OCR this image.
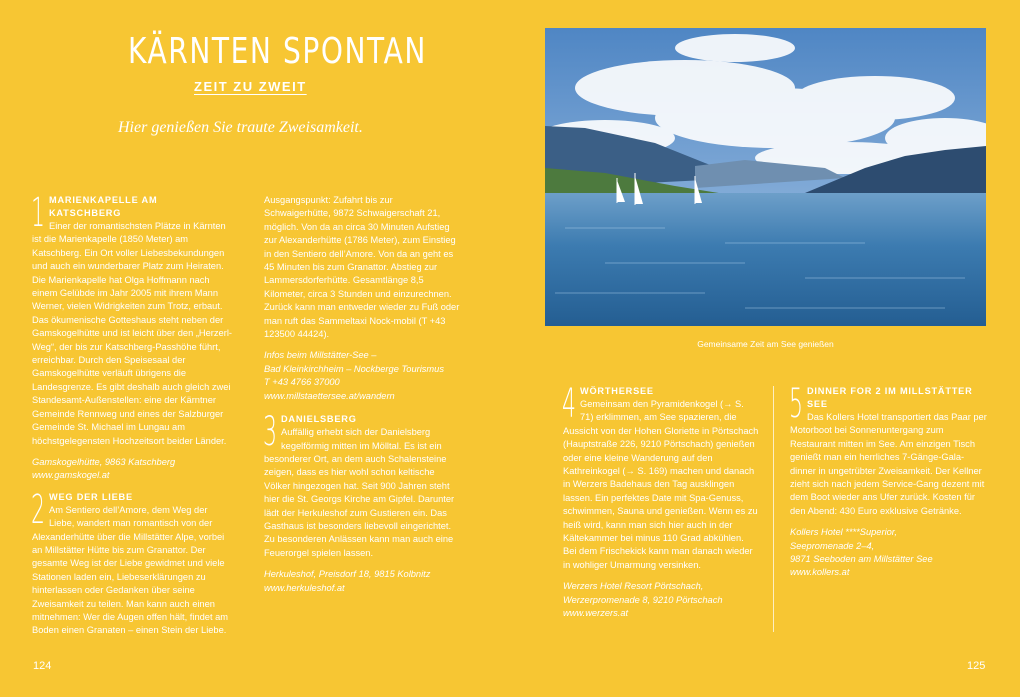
KÄRNTEN SPONTAN
ZEIT ZU ZWEIT
Hier genießen Sie traute Zweisamkeit.
1 MARIENKAPELLE AM KATSCHBERG

Einer der romantischsten Plätze in Kärnten ist die Marienkapelle (1850 Meter) am Katschberg. Ein Ort voller Liebesbekundungen und auch ein wunderbarer Platz zum Heiraten. Die Marienkapelle hat Olga Hoffmann nach einem Gelübde im Jahr 2005 mit ihrem Mann Werner, vielen Widrigkeiten zum Trotz, erbaut. Das ökumenische Gotteshaus steht neben der Gamskogelhütte und ist leicht über den „Herzerl-Weg“, der bis zur Katschberg-Passhöhe führt, erreichbar. Durch den Speisesaal der Gamskogelhütte verläuft übrigens die Landesgrenze. Es gibt deshalb auch gleich zwei Standesamt-Außenstellen: eine der Kärntner Gemeinde Rennweg und eines der Salzburger Gemeinde St. Michael im Lungau am höchstgelegensten Hochzeitsort beider Länder.

Gamskogelhütte, 9863 Katschberg
www.gamskogel.at

2 WEG DER LIEBE

Am Sentiero dell’Amore, dem Weg der Liebe, wandert man romantisch von der Alexanderhütte über die Millstätter Alpe, vorbei an Millstätter Hütte bis zum Granattor. Der gesamte Weg ist der Liebe gewidmet und viele Stationen laden ein, Liebeserklärungen zu hinterlassen oder Gedanken über seine Zweisamkeit zu teilen. Man kann auch einen mitnehmen: Wer die Augen offen hält, findet am Boden einen Granaten – einen Stein der Liebe.

Ausgangspunkt: Zufahrt bis zur Schwaigerhütte, 9872 Schwaigerschaft 21, möglich. Von da an circa 30 Minuten Aufstieg zur Alexanderhütte (1786 Meter), zum Einstieg in den Sentiero dell’Amore. Von da an geht es 45 Minuten bis zum Granattor. Abstieg zur Lammersdorferhütte. Gesamtlänge 8,5 Kilometer, circa 3 Stunden und einzurechnen. Zurück kann man entweder wieder zu Fuß oder man ruft das Sammeltaxi Nock-mobil (T +43 123500 44424).

Infos beim Millstätter-See –
Bad Kleinkirchheim – Nockberge Tourismus
T +43 4766 37000
www.millstaettersee.at/wandern

3 DANIELSBERG

Auffällig erhebt sich der Danielsberg kegelförmig mitten im Mölltal. Es ist ein besonderer Ort, an dem auch Schalensteine zeigen, dass es hier wohl schon keltische Völker hingezogen hat. Seit 900 Jahren steht hier die St. Georgs Kirche am Gipfel. Darunter lädt der Herkuleshof zum Gustieren ein. Das Gasthaus ist besonders liebevoll eingerichtet. Zu besonderen Anlässen kann man auch eine Feuerorgel spielen lassen.

Herkuleshof, Preisdorf 18, 9815 Kolbnitz
www.herkuleshof.at

Gemeinsame Zeit am See genießen
4 WÖRTHERSEE

Gemeinsam den Pyramidenkogel (→ S. 71) erklimmen, am See spazieren, die Aussicht von der Hohen Gloriette in Pörtschach (Hauptstraße 226, 9210 Pörtschach) genießen oder eine kleine Wanderung auf den Kathreinkogel (→ S. 169) machen und danach in Werzers Badehaus den Tag ausklingen lassen. Ein perfektes Date mit Spa-Genuss, schwimmen, Sauna und genießen. Wenn es zu heiß wird, kann man sich hier auch in der Kältekammer bei minus 110 Grad abkühlen. Bei dem Frischekick kann man danach wieder in wohliger Umarmung versinken.

Werzers Hotel Resort Pörtschach,
Werzerpromenade 8, 9210 Pörtschach
www.werzers.at

5 DINNER FOR 2 IM MILLSTÄTTER SEE

Das Kollers Hotel transportiert das Paar per Motorboot bei Sonnenuntergang zum Restaurant mitten im See. Am einzigen Tisch genießt man ein herrliches 7-Gänge-Gala-dinner in ungetrübter Zweisamkeit. Der Kellner zieht sich nach jedem Service-Gang dezent mit dem Boot wieder ans Ufer zurück. Kosten für den Abend: 430 Euro exklusive Getränke.

Kollers Hotel ****Superior,
Seepromenade 2–4,
9871 Seeboden am Millstätter See
www.kollers.at

124	125
